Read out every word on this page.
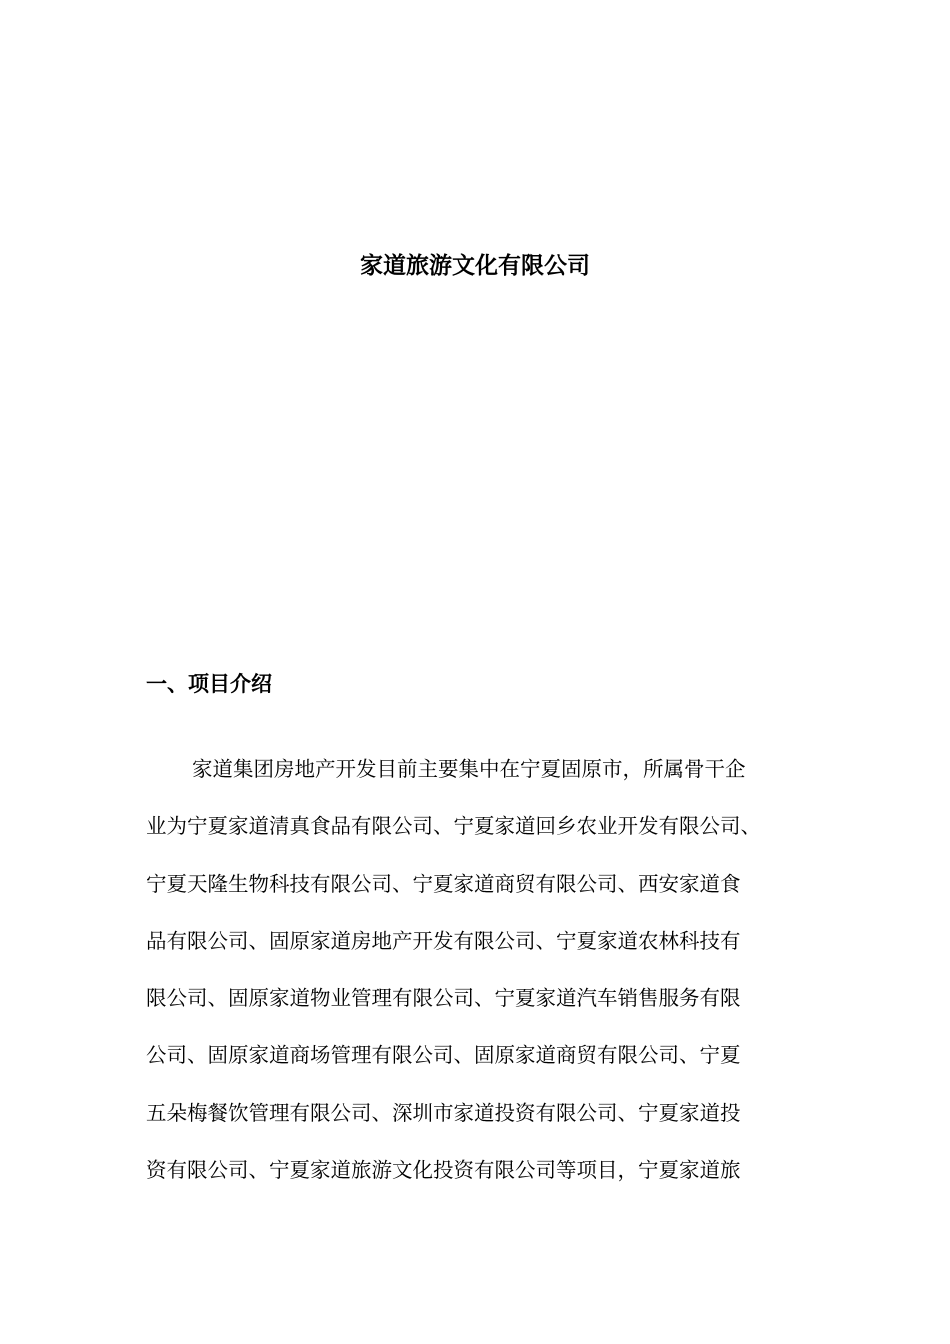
家道旅游文化有限公司
一、项目介绍
家道集团房地产开发目前主要集中在宁夏固原市，所属骨干企
业为宁夏家道清真食品有限公司、宁夏家道回乡农业开发有限公司、
宁夏天隆生物科技有限公司、宁夏家道商贸有限公司、西安家道食
品有限公司、固原家道房地产开发有限公司、宁夏家道农林科技有
限公司、固原家道物业管理有限公司、宁夏家道汽车销售服务有限
公司、固原家道商场管理有限公司、固原家道商贸有限公司、宁夏
五朵梅餐饮管理有限公司、深圳市家道投资有限公司、宁夏家道投
资有限公司、宁夏家道旅游文化投资有限公司等项目，宁夏家道旅
